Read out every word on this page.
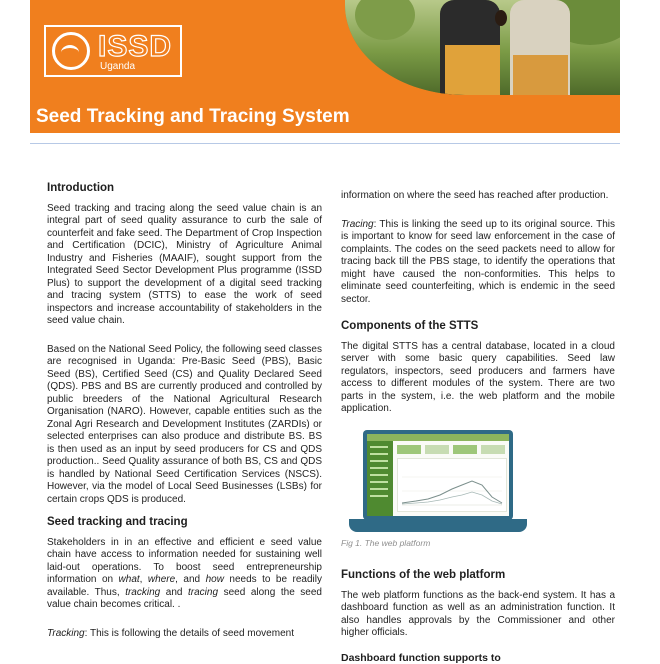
ISSD
Uganda
Seed Tracking and Tracing System
Introduction

Seed tracking and tracing along the seed value chain is an integral part of seed quality assurance to curb the sale of counterfeit and fake seed. The Department of Crop Inspection and Certification (DCIC), Ministry of Agriculture Animal Industry and Fisheries (MAAIF), sought support from the Integrated Seed Sector Development Plus programme (ISSD Plus) to support the development of a digital seed tracking and tracing system (STTS) to ease the work of seed inspectors and increase accountability of stakeholders in the seed value chain.

Based on the National Seed Policy, the following seed classes are recognised in Uganda: Pre-Basic Seed (PBS), Basic Seed (BS), Certified Seed (CS) and Quality Declared Seed (QDS). PBS and BS are currently produced and controlled by public breeders of the National Agricultural Research Organisation (NARO). However, capable entities such as the Zonal Agri Research and Development Institutes (ZARDIs) or selected enterprises can also produce and distribute BS. BS is then used as an input by seed producers for CS and QDS production.. Seed Quality assurance of both BS, CS and QDS is handled by National Seed Certification Services (NSCS). However, via the model of Local Seed Businesses (LSBs) for certain crops QDS is produced.

Seed tracking and tracing

Stakeholders in in an effective and efficient e seed value chain have access to information needed for sustaining well laid-out operations. To boost seed entrepreneurship information on what, where, and how needs to be readily available. Thus, tracking and tracing seed along the seed value chain becomes critical. .

Tracking: This is following the details of seed movement

information on where the seed has reached after production.

Tracing: This is linking the seed up to its original source. This is important to know for seed law enforcement in the case of complaints. The codes on the seed packets need to allow for tracing back till the PBS stage, to identify the operations that might have caused the non-conformities. This helps to eliminate seed counterfeiting, which is endemic in the seed sector.

Components of the STTS

The digital STTS has a central database, located in a cloud server with some basic query capabilities. Seed law regulators, inspectors, seed producers and farmers have access to different modules of the system. There are two parts in the system, i.e. the web platform and the mobile application.

Fig 1. The web platform
Functions of the web platform

The web platform functions as the back-end system. It has a dashboard function as well as an administration function. It also handles approvals by the Commissioner and other higher officials.

Dashboard function supports to
